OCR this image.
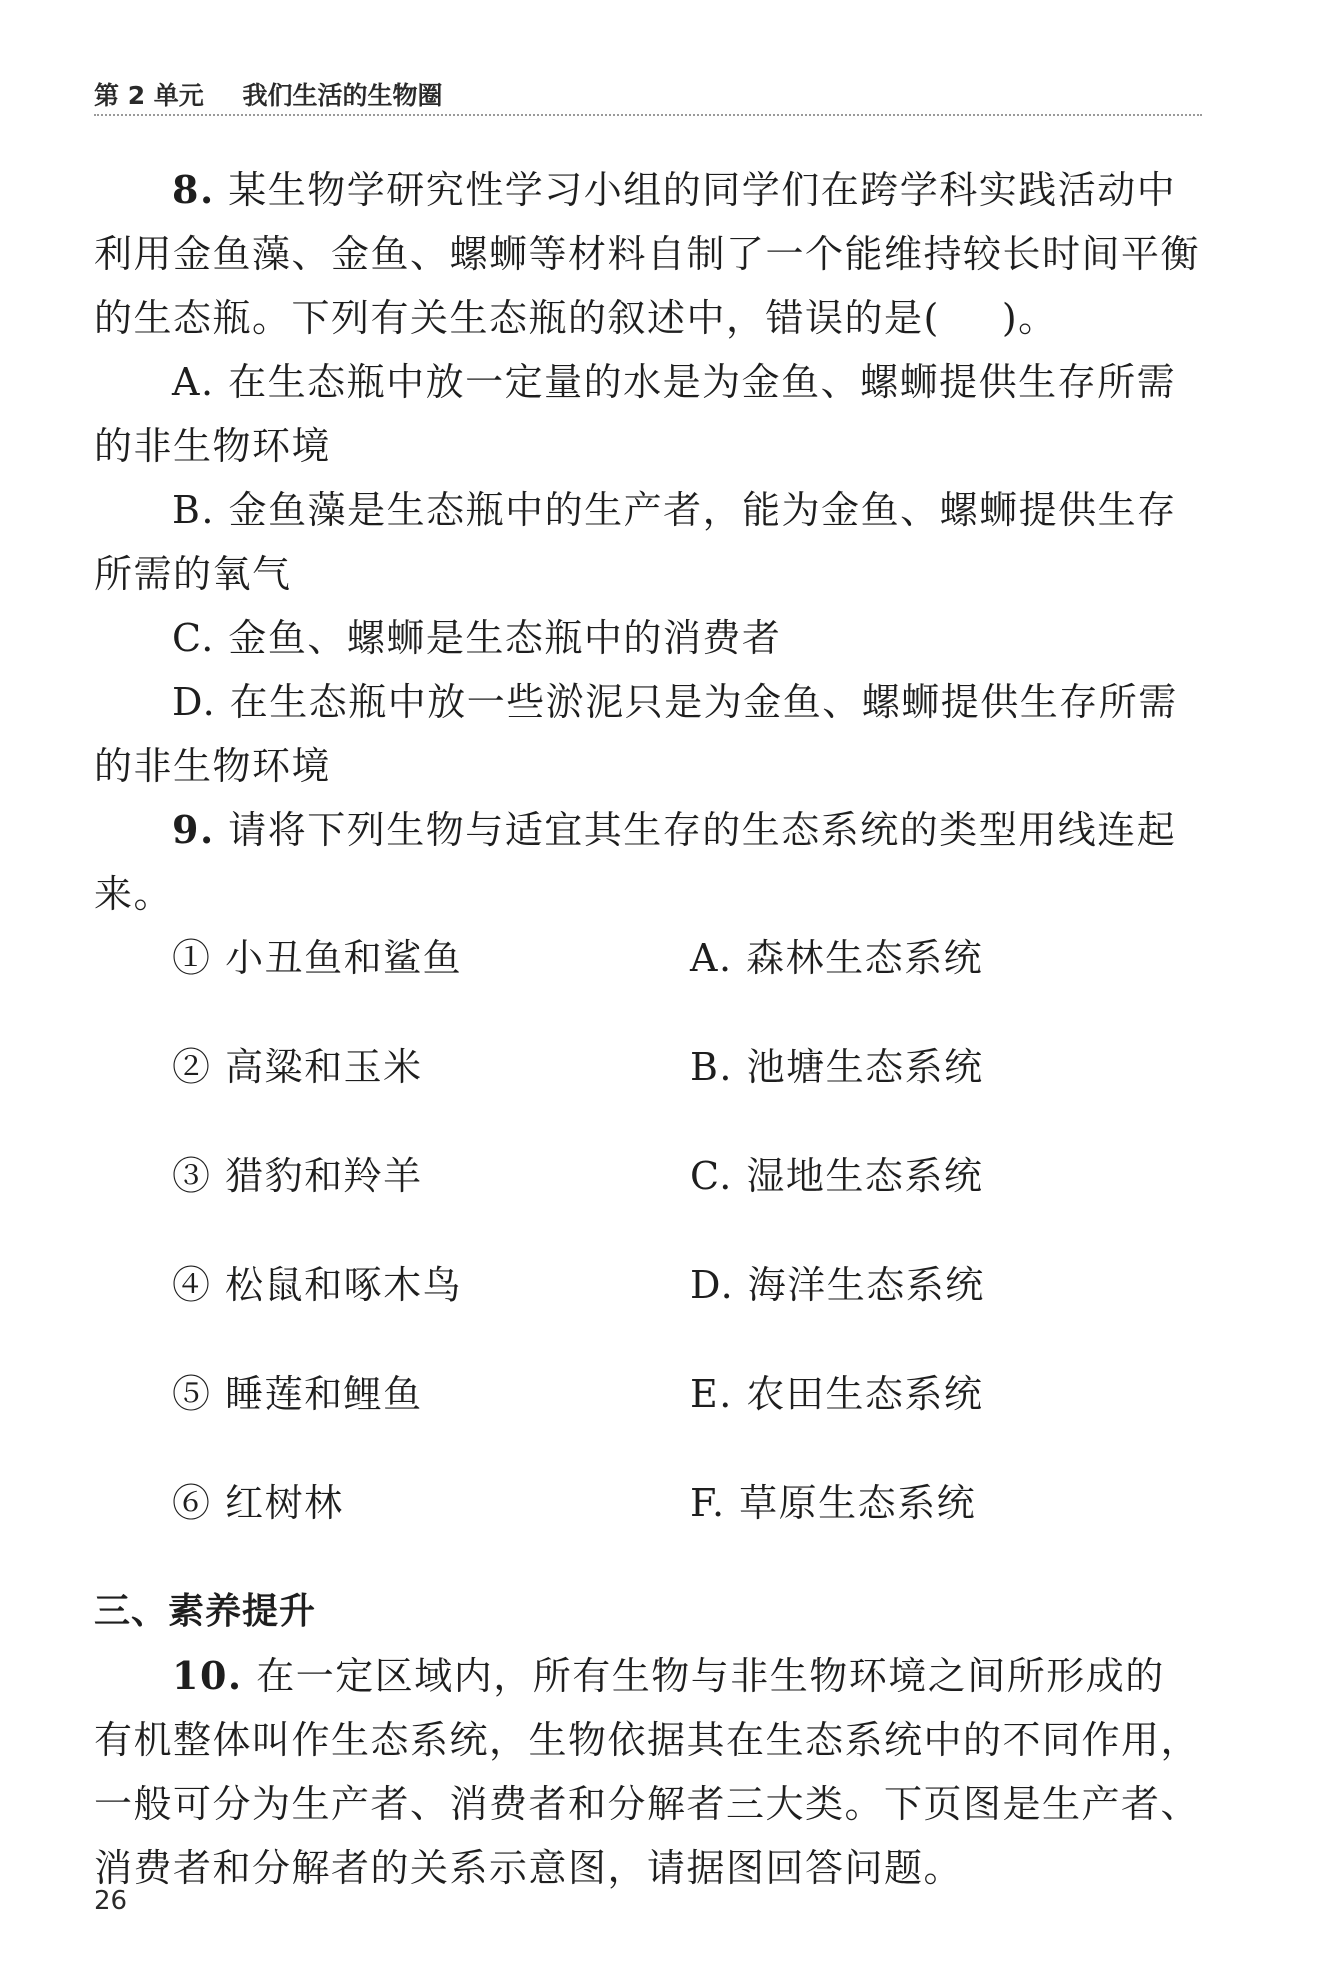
第 2 单元 我们生活的生物圈

8. 某生物学研究性学习小组的同学们在跨学科实践活动中利用金鱼藻、金鱼、螺蛳等材料自制了一个能维持较长时间平衡的生态瓶。下列有关生态瓶的叙述中，错误的是( )。

A. 在生态瓶中放一定量的水是为金鱼、螺蛳提供生存所需的非生物环境

B. 金鱼藻是生态瓶中的生产者，能为金鱼、螺蛳提供生存所需的氧气

C. 金鱼、螺蛳是生态瓶中的消费者

D. 在生态瓶中放一些淤泥只是为金鱼、螺蛳提供生存所需的非生物环境

9. 请将下列生物与适宜其生存的生态系统的类型用线连起来。

① 小丑鱼和鲨鱼	A. 森林生态系统
② 高粱和玉米	B. 池塘生态系统
③ 猎豹和羚羊	C. 湿地生态系统
④ 松鼠和啄木鸟	D. 海洋生态系统
⑤ 睡莲和鲤鱼	E. 农田生态系统
⑥ 红树林	F. 草原生态系统

三、素养提升

10. 在一定区域内，所有生物与非生物环境之间所形成的有机整体叫作生态系统，生物依据其在生态系统中的不同作用，一般可分为生产者、消费者和分解者三大类。下页图是生产者、消费者和分解者的关系示意图，请据图回答问题。

26
